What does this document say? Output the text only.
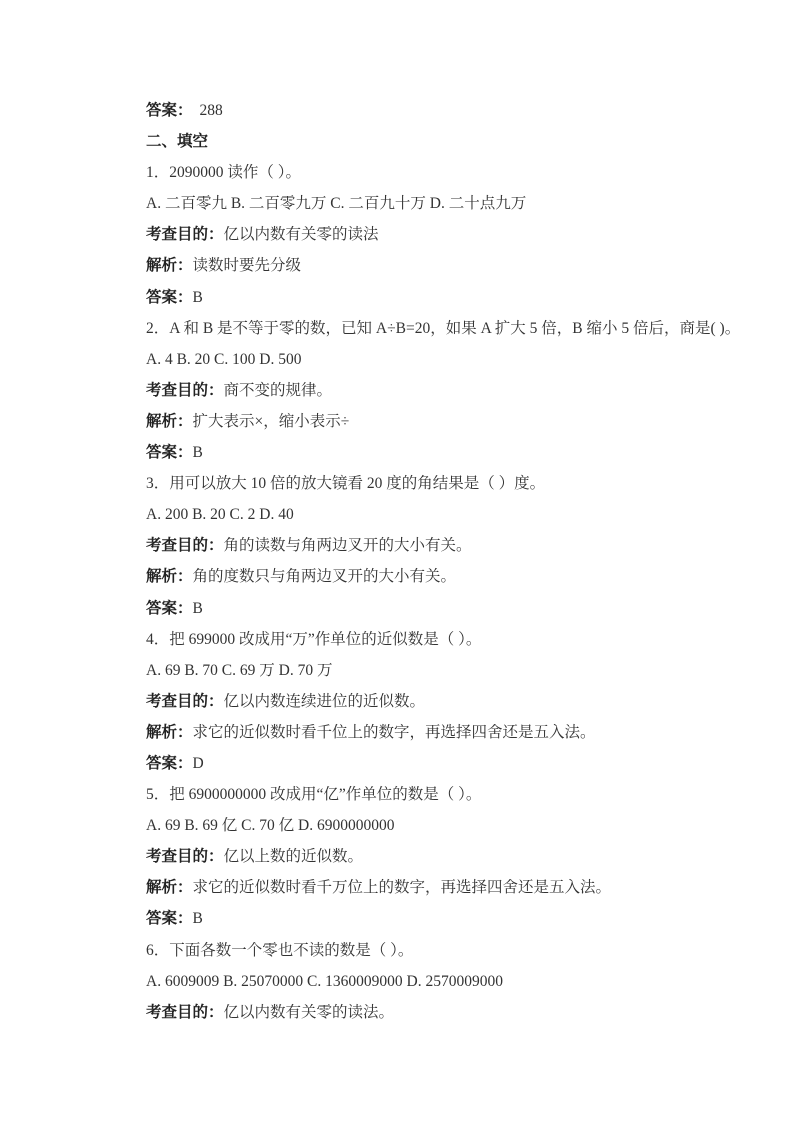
答案： 288

二、填空

1．2090000 读作（ ）。

A. 二百零九 B. 二百零九万 C. 二百九十万 D. 二十点九万

考查目的：亿以内数有关零的读法

解析：读数时要先分级

答案：B

2．A 和 B 是不等于零的数，已知 A÷B=20，如果 A 扩大 5 倍，B 缩小 5 倍后，商是( )。

A. 4 B. 20 C. 100 D. 500

考查目的：商不变的规律。

解析：扩大表示×，缩小表示÷

答案：B

3．用可以放大 10 倍的放大镜看 20 度的角结果是（ ）度。

A. 200 B. 20 C. 2 D. 40

考查目的：角的读数与角两边叉开的大小有关。

解析：角的度数只与角两边叉开的大小有关。

答案：B

4．把 699000 改成用“万”作单位的近似数是（ ）。

A. 69 B. 70 C. 69 万 D. 70 万

考查目的：亿以内数连续进位的近似数。

解析：求它的近似数时看千位上的数字，再选择四舍还是五入法。

答案：D

5．把 6900000000 改成用“亿”作单位的数是（ ）。

A. 69 B. 69 亿 C. 70 亿 D. 6900000000

考查目的：亿以上数的近似数。

解析：求它的近似数时看千万位上的数字，再选择四舍还是五入法。

答案：B

6．下面各数一个零也不读的数是（ ）。

A. 6009009 B. 25070000 C. 1360009000 D. 2570009000

考查目的：亿以内数有关零的读法。
